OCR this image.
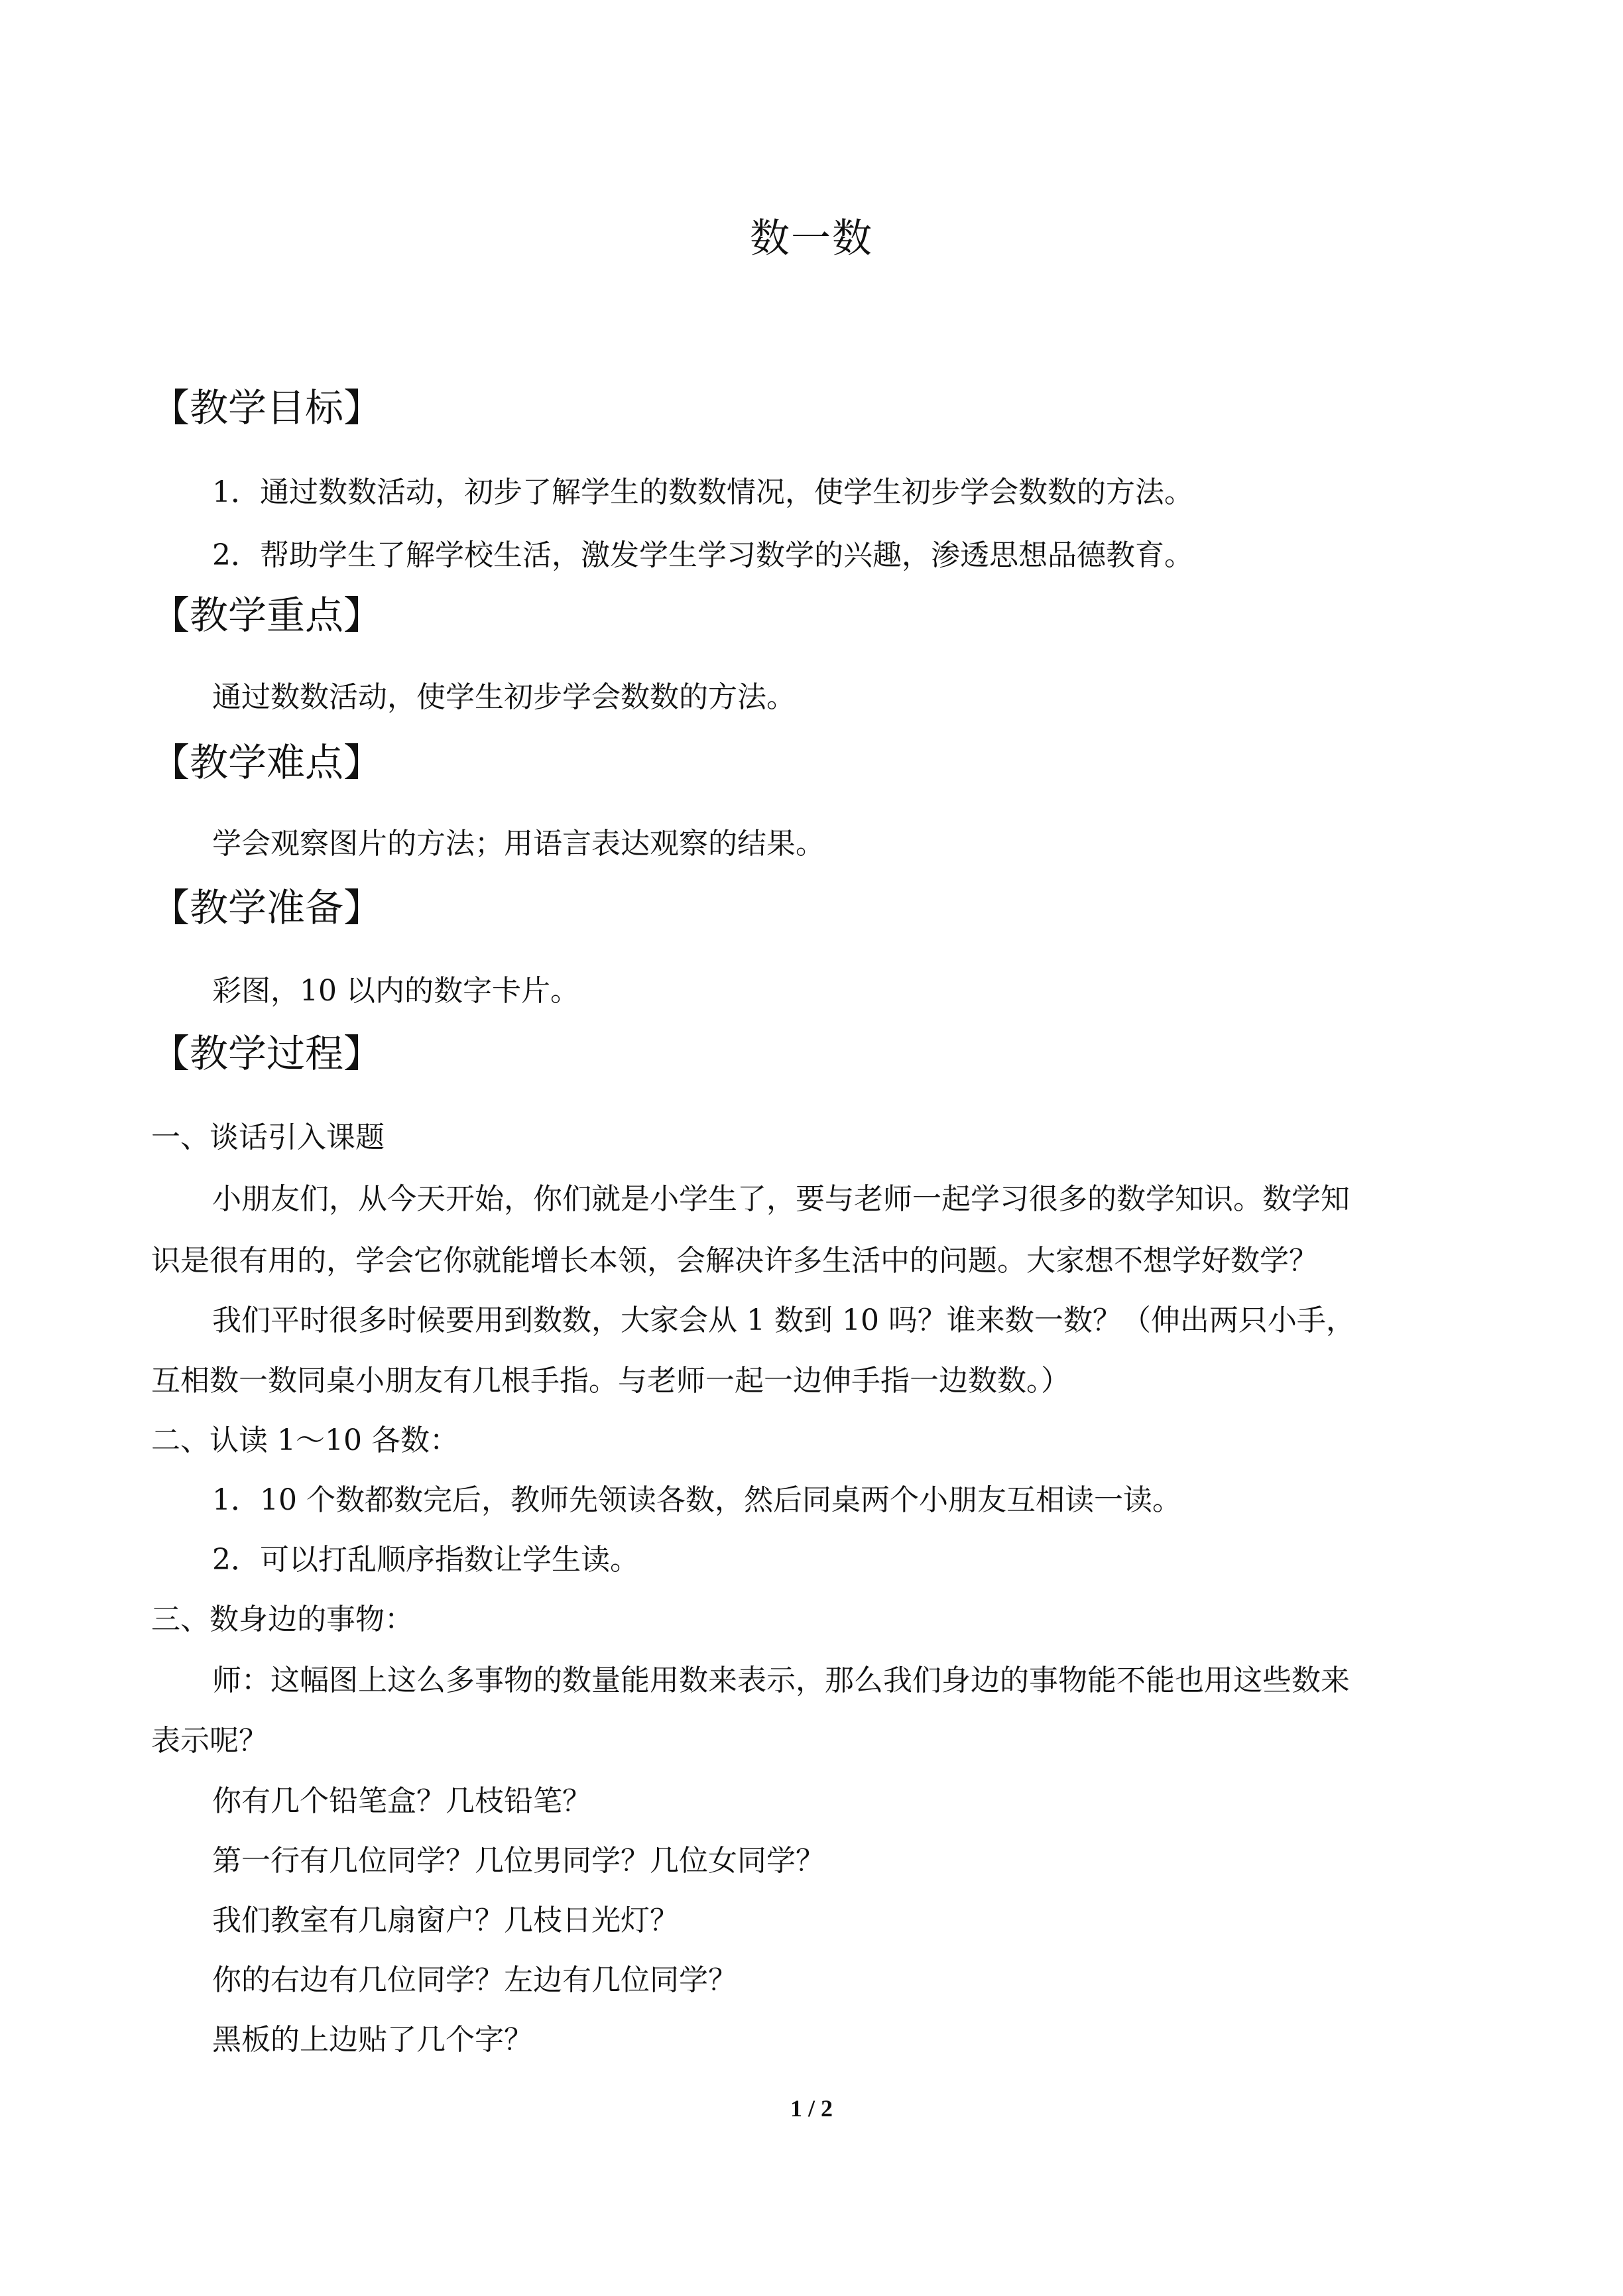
数一数
【教学目标】
1．通过数数活动，初步了解学生的数数情况，使学生初步学会数数的方法。
2．帮助学生了解学校生活，激发学生学习数学的兴趣，渗透思想品德教育。
【教学重点】
通过数数活动，使学生初步学会数数的方法。
【教学难点】
学会观察图片的方法；用语言表达观察的结果。
【教学准备】
彩图，10 以内的数字卡片。
【教学过程】
一、谈话引入课题
小朋友们，从今天开始，你们就是小学生了，要与老师一起学习很多的数学知识。数学知
识是很有用的，学会它你就能增长本领，会解决许多生活中的问题。大家想不想学好数学？
我们平时很多时候要用到数数，大家会从 1 数到 10 吗？谁来数一数？（伸出两只小手，
互相数一数同桌小朋友有几根手指。与老师一起一边伸手指一边数数。）
二、认读 1～10 各数：
1．10 个数都数完后，教师先领读各数，然后同桌两个小朋友互相读一读。
2．可以打乱顺序指数让学生读。
三、数身边的事物：
师：这幅图上这么多事物的数量能用数来表示，那么我们身边的事物能不能也用这些数来
表示呢？
你有几个铅笔盒？几枝铅笔？
第一行有几位同学？几位男同学？几位女同学？
我们教室有几扇窗户？几枝日光灯？
你的右边有几位同学？左边有几位同学？
黑板的上边贴了几个字？
1 / 2
